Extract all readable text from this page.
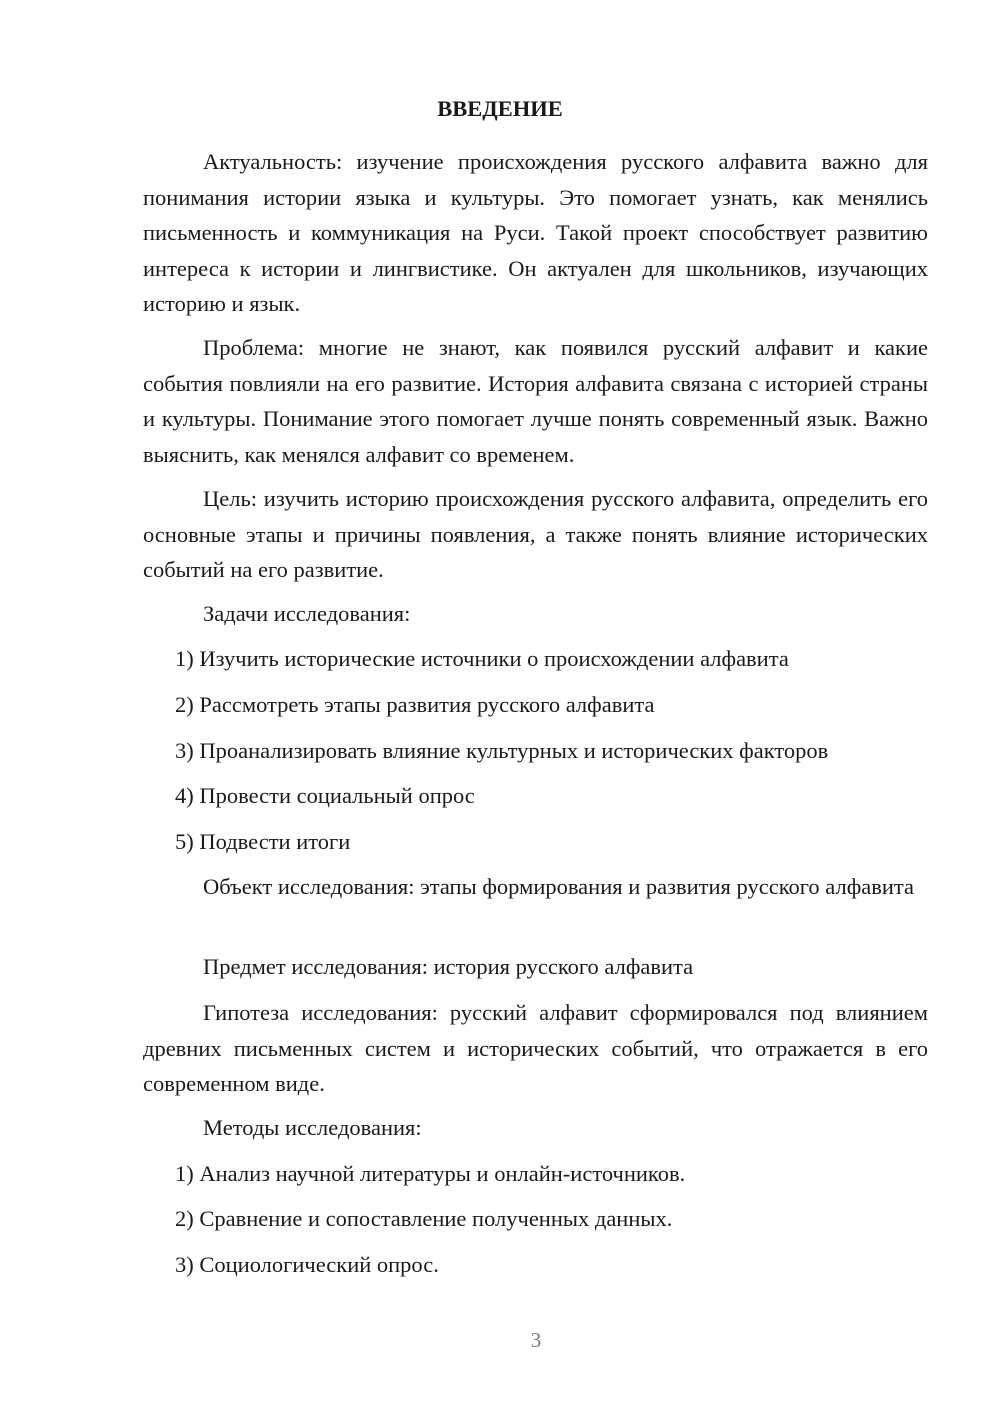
ВВЕДЕНИЕ

Актуальность: изучение происхождения русского алфавита важно для понимания истории языка и культуры. Это помогает узнать, как менялись письменность и коммуникация на Руси. Такой проект способствует развитию интереса к истории и лингвистике. Он актуален для школьников, изучающих историю и язык.

Проблема: многие не знают, как появился русский алфавит и какие события повлияли на его развитие. История алфавита связана с историей страны и культуры. Понимание этого помогает лучше понять современный язык. Важно выяснить, как менялся алфавит со временем.

Цель: изучить историю происхождения русского алфавита, определить его основные этапы и причины появления, а также понять влияние исторических событий на его развитие.

Задачи исследования:

1) Изучить исторические источники о происхождении алфавита
2) Рассмотреть этапы развития русского алфавита
3) Проанализировать влияние культурных и исторических факторов
4) Провести социальный опрос
5) Подвести итоги

Объект исследования: этапы формирования и развития русского алфавита

Предмет исследования: история русского алфавита

Гипотеза исследования: русский алфавит сформировался под влиянием древних письменных систем и исторических событий, что отражается в его современном виде.

Методы исследования:

1) Анализ научной литературы и онлайн-источников.
2) Сравнение и сопоставление полученных данных.
3) Социологический опрос.
3
